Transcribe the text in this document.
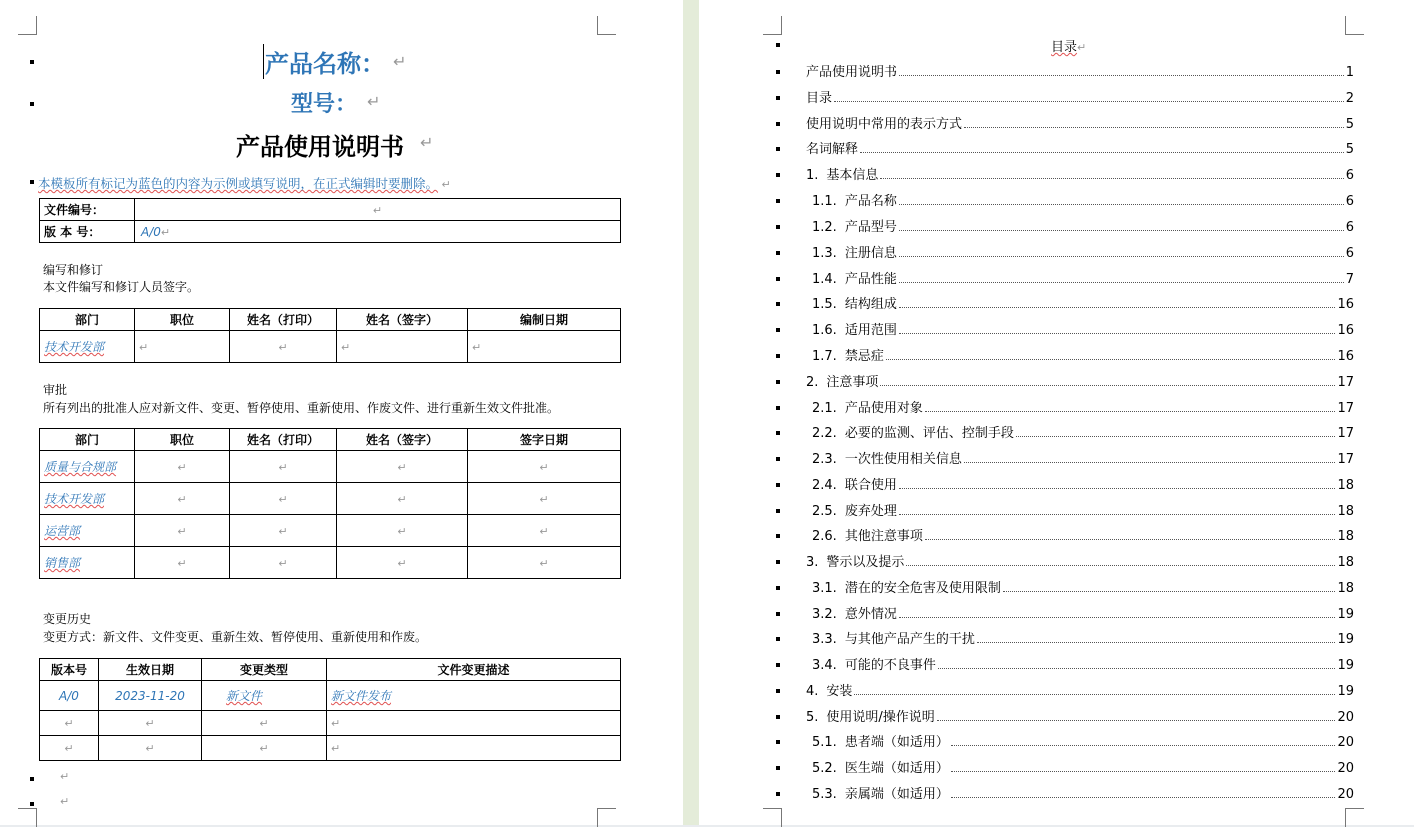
产品名称： ↵
型号： ↵
产品使用说明书 ↵
本模板所有标记为蓝色的内容为示例或填写说明，在正式编辑时要删除。 ↵
文件编号：	↵
版 本 号：	A/0↵
编写和修订
本文件编写和修订人员签字。
部门	职位	姓名（打印）	姓名（签字）	编制日期
技术开发部	↵	↵	↵	↵
审批
所有列出的批准人应对新文件、变更、暂停使用、重新使用、作废文件、进行重新生效文件批准。
部门	职位	姓名（打印）	姓名（签字）	签字日期
质量与合规部	↵	↵	↵	↵
技术开发部	↵	↵	↵	↵
运营部	↵	↵	↵	↵
销售部	↵	↵	↵	↵
变更历史
变更方式：新文件、文件变更、重新生效、暂停使用、重新使用和作废。
版本号	生效日期	变更类型	文件变更描述
A/0	2023-11-20	新文件	新文件发布
↵	↵	↵	↵
↵	↵	↵	↵
↵
↵
目录↵
产品使用说明书	1
目录	2
使用说明中常用的表示方式	5
名词解释	5
1. 基本信息	6
1.1. 产品名称	6
1.2. 产品型号	6
1.3. 注册信息	6
1.4. 产品性能	7
1.5. 结构组成	16
1.6. 适用范围	16
1.7. 禁忌症	16
2. 注意事项	17
2.1. 产品使用对象	17
2.2. 必要的监测、评估、控制手段	17
2.3. 一次性使用相关信息	17
2.4. 联合使用	18
2.5. 废弃处理	18
2.6. 其他注意事项	18
3. 警示以及提示	18
3.1. 潜在的安全危害及使用限制	18
3.2. 意外情况	19
3.3. 与其他产品产生的干扰	19
3.4. 可能的不良事件	19
4. 安装	19
5. 使用说明/操作说明	20
5.1. 患者端（如适用）	20
5.2. 医生端（如适用）	20
5.3. 亲属端（如适用）	20
